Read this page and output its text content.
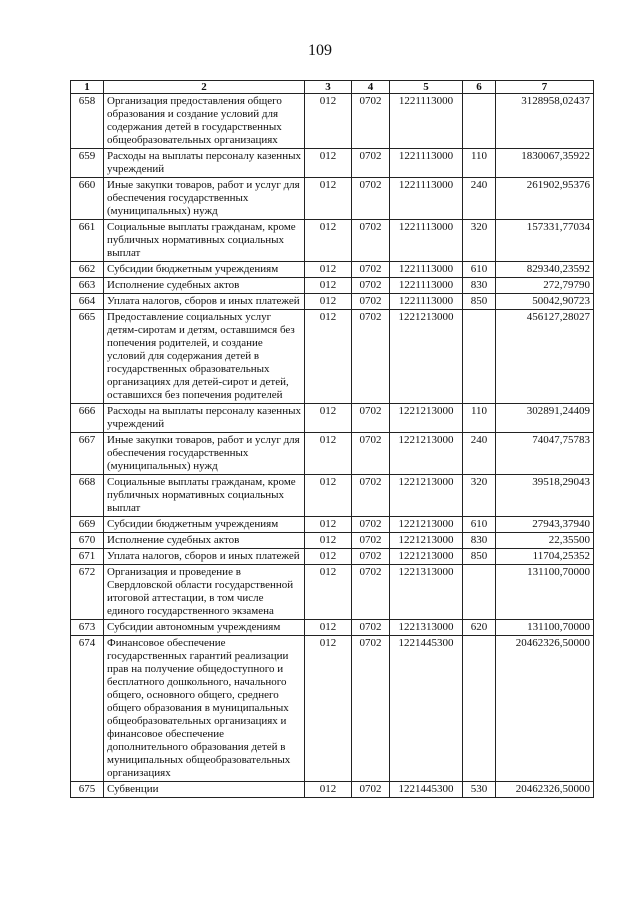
109
1	2	3	4	5	6	7
658	Организация предоставления общего образования и создание условий для содержания детей в государственных общеобразовательных организациях	012	0702	1221113000		3128958,02437
659	Расходы на выплаты персоналу казенных учреждений	012	0702	1221113000	110	1830067,35922
660	Иные закупки товаров, работ и услуг для обеспечения государственных (муниципальных) нужд	012	0702	1221113000	240	261902,95376
661	Социальные выплаты гражданам, кроме публичных нормативных социальных выплат	012	0702	1221113000	320	157331,77034
662	Субсидии бюджетным учреждениям	012	0702	1221113000	610	829340,23592
663	Исполнение судебных актов	012	0702	1221113000	830	272,79790
664	Уплата налогов, сборов и иных платежей	012	0702	1221113000	850	50042,90723
665	Предоставление социальных услуг детям-сиротам и детям, оставшимся без попечения родителей, и создание условий для содержания детей в государственных образовательных организациях для детей-сирот и детей, оставшихся без попечения родителей	012	0702	1221213000		456127,28027
666	Расходы на выплаты персоналу казенных учреждений	012	0702	1221213000	110	302891,24409
667	Иные закупки товаров, работ и услуг для обеспечения государственных (муниципальных) нужд	012	0702	1221213000	240	74047,75783
668	Социальные выплаты гражданам, кроме публичных нормативных социальных выплат	012	0702	1221213000	320	39518,29043
669	Субсидии бюджетным учреждениям	012	0702	1221213000	610	27943,37940
670	Исполнение судебных актов	012	0702	1221213000	830	22,35500
671	Уплата налогов, сборов и иных платежей	012	0702	1221213000	850	11704,25352
672	Организация и проведение в Свердловской области государственной итоговой аттестации, в том числе единого государственного экзамена	012	0702	1221313000		131100,70000
673	Субсидии автономным учреждениям	012	0702	1221313000	620	131100,70000
674	Финансовое обеспечение государственных гарантий реализации прав на получение общедоступного и бесплатного дошкольного, начального общего, основного общего, среднего общего образования в муниципальных общеобразовательных организациях и финансовое обеспечение дополнительного образования детей в муниципальных общеобразовательных организациях	012	0702	1221445300		20462326,50000
675	Субвенции	012	0702	1221445300	530	20462326,50000
